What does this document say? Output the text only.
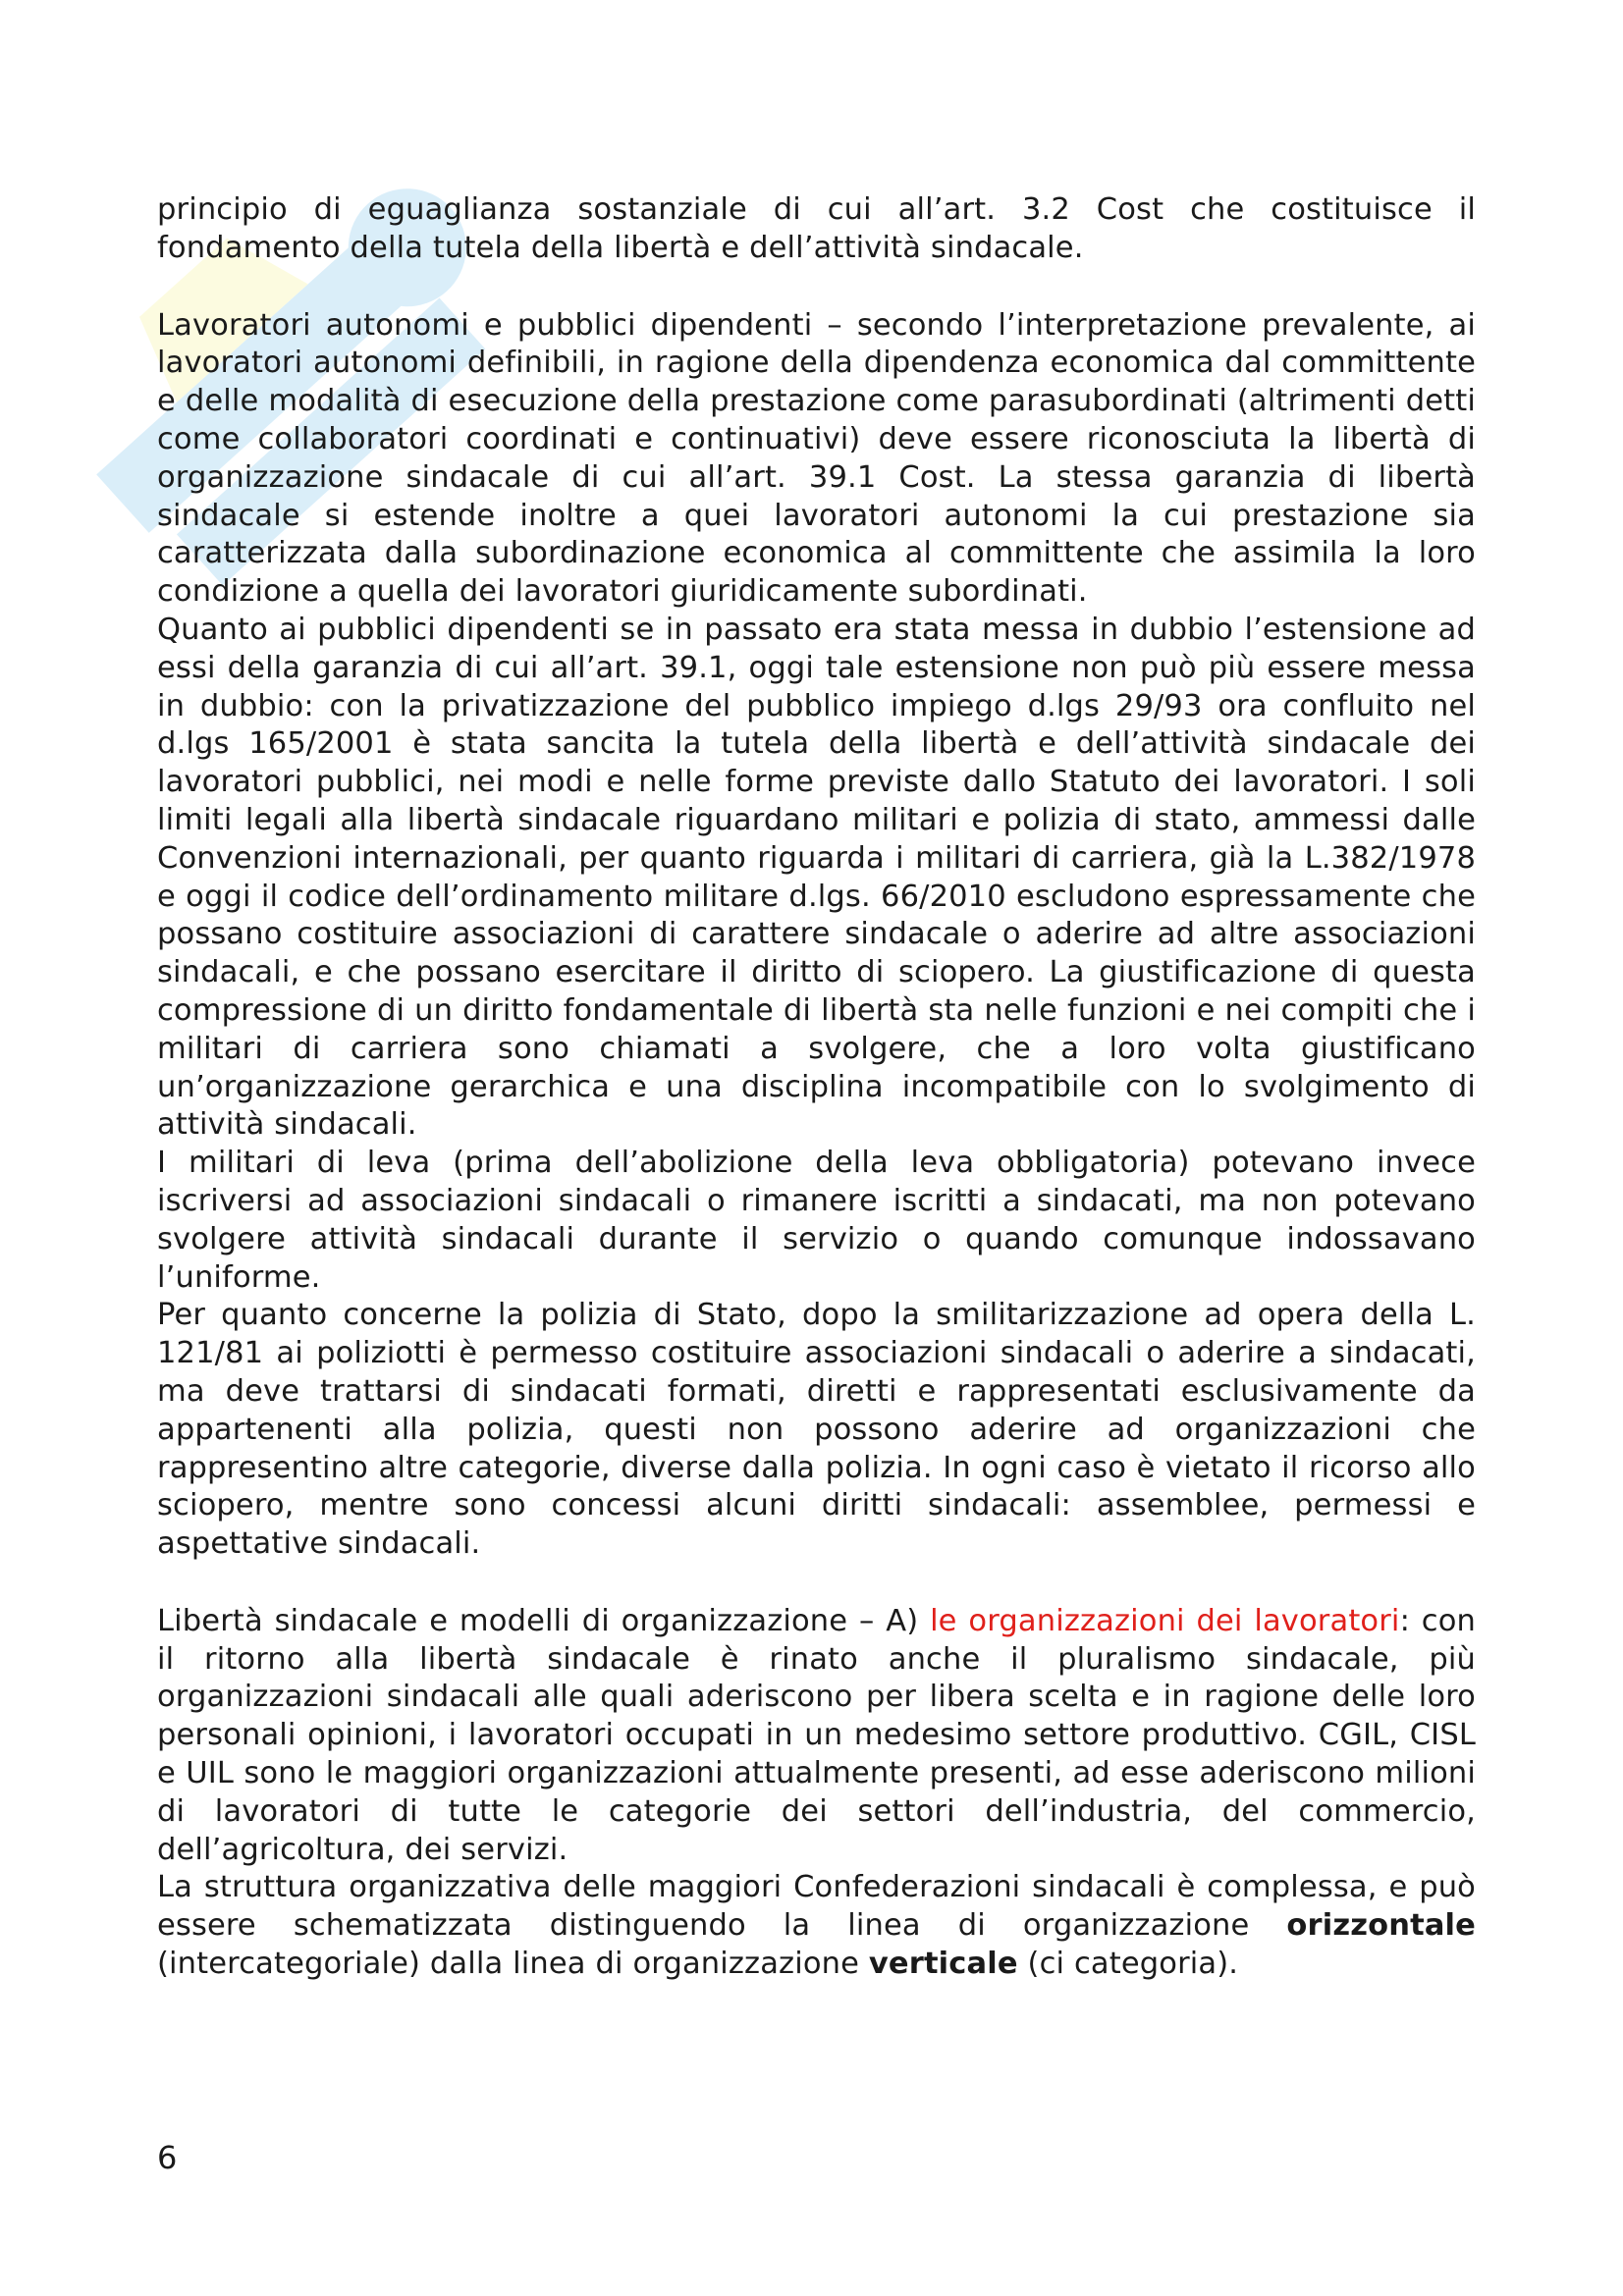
principio di eguaglianza sostanziale di cui all’art. 3.2 Cost che costituisce il fondamento della tutela della libertà e dell’attività sindacale.

Lavoratori autonomi e pubblici dipendenti – secondo l’interpretazione prevalente, ai lavoratori autonomi definibili, in ragione della dipendenza economica dal committente e delle modalità di esecuzione della prestazione come parasubordinati (altrimenti detti come collaboratori coordinati e continuativi) deve essere riconosciuta la libertà di organizzazione sindacale di cui all’art. 39.1 Cost. La stessa garanzia di libertà sindacale si estende inoltre a quei lavoratori autonomi la cui prestazione sia caratterizzata dalla subordinazione economica al committente che assimila la loro condizione a quella dei lavoratori giuridicamente subordinati.

Quanto ai pubblici dipendenti se in passato era stata messa in dubbio l’estensione ad essi della garanzia di cui all’art. 39.1, oggi tale estensione non può più essere messa in dubbio: con la privatizzazione del pubblico impiego d.lgs 29/93 ora confluito nel d.lgs 165/2001 è stata sancita la tutela della libertà e dell’attività sindacale dei lavoratori pubblici, nei modi e nelle forme previste dallo Statuto dei lavoratori. I soli limiti legali alla libertà sindacale riguardano militari e polizia di stato, ammessi dalle Convenzioni internazionali, per quanto riguarda i militari di carriera, già la L.382/1978 e oggi il codice dell’ordinamento militare d.lgs. 66/2010 escludono espressamente che possano costituire associazioni di carattere sindacale o aderire ad altre associazioni sindacali, e che possano esercitare il diritto di sciopero. La giustificazione di questa compressione di un diritto fondamentale di libertà sta nelle funzioni e nei compiti che i militari di carriera sono chiamati a svolgere, che a loro volta giustificano un’organizzazione gerarchica e una disciplina incompatibile con lo svolgimento di attività sindacali.

I militari di leva (prima dell’abolizione della leva obbligatoria) potevano invece iscriversi ad associazioni sindacali o rimanere iscritti a sindacati, ma non potevano svolgere attività sindacali durante il servizio o quando comunque indossavano l’uniforme.

Per quanto concerne la polizia di Stato, dopo la smilitarizzazione ad opera della L. 121/81 ai poliziotti è permesso costituire associazioni sindacali o aderire a sindacati, ma deve trattarsi di sindacati formati, diretti e rappresentati esclusivamente da appartenenti alla polizia, questi non possono aderire ad organizzazioni che rappresentino altre categorie, diverse dalla polizia. In ogni caso è vietato il ricorso allo sciopero, mentre sono concessi alcuni diritti sindacali: assemblee, permessi e aspettative sindacali.

Libertà sindacale e modelli di organizzazione – A) le organizzazioni dei lavoratori: con il ritorno alla libertà sindacale è rinato anche il pluralismo sindacale, più organizzazioni sindacali alle quali aderiscono per libera scelta e in ragione delle loro personali opinioni, i lavoratori occupati in un medesimo settore produttivo. CGIL, CISL e UIL sono le maggiori organizzazioni attualmente presenti, ad esse aderiscono milioni di lavoratori di tutte le categorie dei settori dell’industria, del commercio, dell’agricoltura, dei servizi.

La struttura organizzativa delle maggiori Confederazioni sindacali è complessa, e può essere schematizzata distinguendo la linea di organizzazione orizzontale (intercategoriale) dalla linea di organizzazione verticale (ci categoria).

6
